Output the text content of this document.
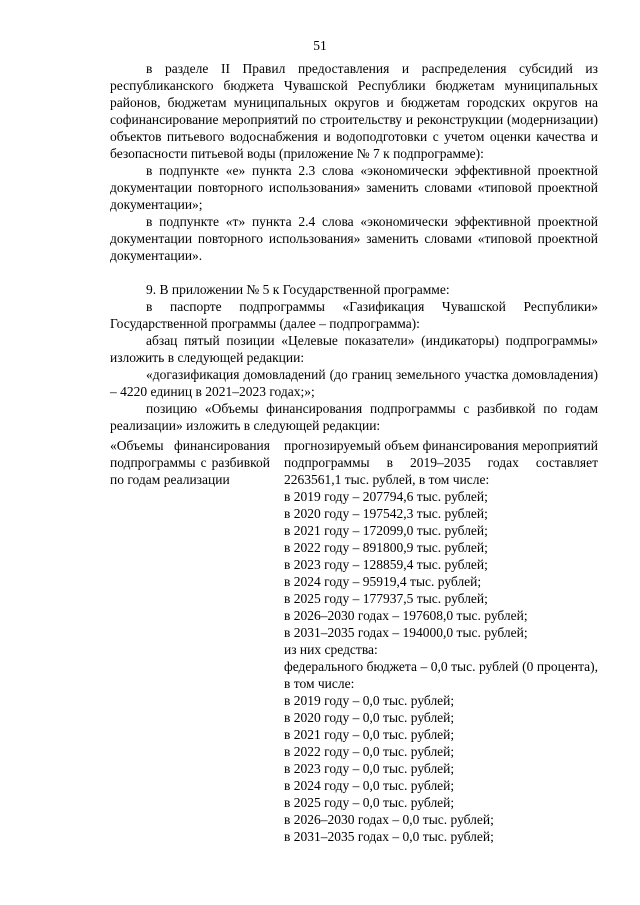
51

в разделе II Правил предоставления и распределения субсидий из республиканского бюджета Чувашской Республики бюджетам муниципальных районов, бюджетам муниципальных округов и бюджетам городских округов на софинансирование мероприятий по строительству и реконструкции (модернизации) объектов питьевого водоснабжения и водоподготовки с учетом оценки качества и безопасности питьевой воды (приложение № 7 к подпрограмме):

в подпункте «е» пункта 2.3 слова «экономически эффективной проектной документации повторного использования» заменить словами «типовой проектной документации»;

в подпункте «т» пункта 2.4 слова «экономически эффективной проектной документации повторного использования» заменить словами «типовой проектной документации».

9. В приложении № 5 к Государственной программе:

в паспорте подпрограммы «Газификация Чувашской Республики» Государственной программы (далее – подпрограмма):

абзац пятый позиции «Целевые показатели» (индикаторы) подпрограммы» изложить в следующей редакции:

«догазификация домовладений (до границ земельного участка домовладения) – 4220 единиц в 2021–2023 годах;»;

позицию «Объемы финансирования подпрограммы с разбивкой по годам реализации» изложить в следующей редакции:

«Объемы финансирования подпрограммы с разбивкой по годам реализации
прогнозируемый объем финансирования мероприятий подпрограммы в 2019–2035 годах составляет 2263561,1 тыс. рублей, в том числе:
в 2019 году – 207794,6 тыс. рублей;
в 2020 году – 197542,3 тыс. рублей;
в 2021 году – 172099,0 тыс. рублей;
в 2022 году – 891800,9 тыс. рублей;
в 2023 году – 128859,4 тыс. рублей;
в 2024 году – 95919,4 тыс. рублей;
в 2025 году – 177937,5 тыс. рублей;
в 2026–2030 годах – 197608,0 тыс. рублей;
в 2031–2035 годах – 194000,0 тыс. рублей;
из них средства:
федерального бюджета – 0,0 тыс. рублей (0 процента), в том числе:
в 2019 году – 0,0 тыс. рублей;
в 2020 году – 0,0 тыс. рублей;
в 2021 году – 0,0 тыс. рублей;
в 2022 году – 0,0 тыс. рублей;
в 2023 году – 0,0 тыс. рублей;
в 2024 году – 0,0 тыс. рублей;
в 2025 году – 0,0 тыс. рублей;
в 2026–2030 годах – 0,0 тыс. рублей;
в 2031–2035 годах – 0,0 тыс. рублей;
